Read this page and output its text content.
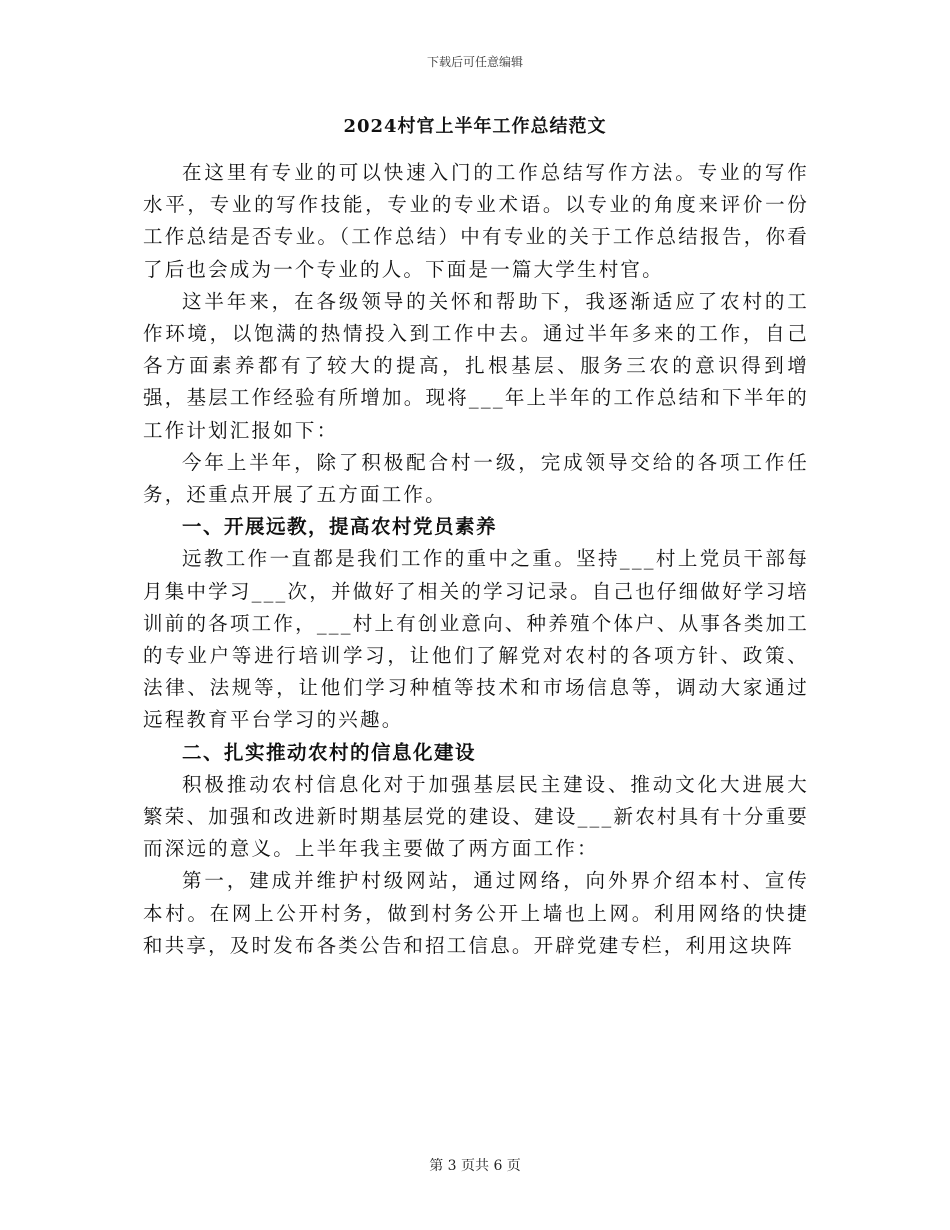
下载后可任意编辑
2024村官上半年工作总结范文

在这里有专业的可以快速入门的工作总结写作方法。专业的写作水平，专业的写作技能，专业的专业术语。以专业的角度来评价一份工作总结是否专业。（工作总结）中有专业的关于工作总结报告，你看了后也会成为一个专业的人。下面是一篇大学生村官。

这半年来，在各级领导的关怀和帮助下，我逐渐适应了农村的工作环境，以饱满的热情投入到工作中去。通过半年多来的工作，自己各方面素养都有了较大的提高，扎根基层、服务三农的意识得到增强，基层工作经验有所增加。现将___年上半年的工作总结和下半年的工作计划汇报如下：

今年上半年，除了积极配合村一级，完成领导交给的各项工作任务，还重点开展了五方面工作。

一、开展远教，提高农村党员素养

远教工作一直都是我们工作的重中之重。坚持___村上党员干部每月集中学习___次，并做好了相关的学习记录。自己也仔细做好学习培训前的各项工作，___村上有创业意向、种养殖个体户、从事各类加工的专业户等进行培训学习，让他们了解党对农村的各项方针、政策、法律、法规等，让他们学习种植等技术和市场信息等，调动大家通过远程教育平台学习的兴趣。

二、扎实推动农村的信息化建设

积极推动农村信息化对于加强基层民主建设、推动文化大进展大繁荣、加强和改进新时期基层党的建设、建设___新农村具有十分重要而深远的意义。上半年我主要做了两方面工作：

第一，建成并维护村级网站，通过网络，向外界介绍本村、宣传本村。在网上公开村务，做到村务公开上墙也上网。利用网络的快捷和共享，及时发布各类公告和招工信息。开辟党建专栏，利用这块阵

第 3 页共 6 页
